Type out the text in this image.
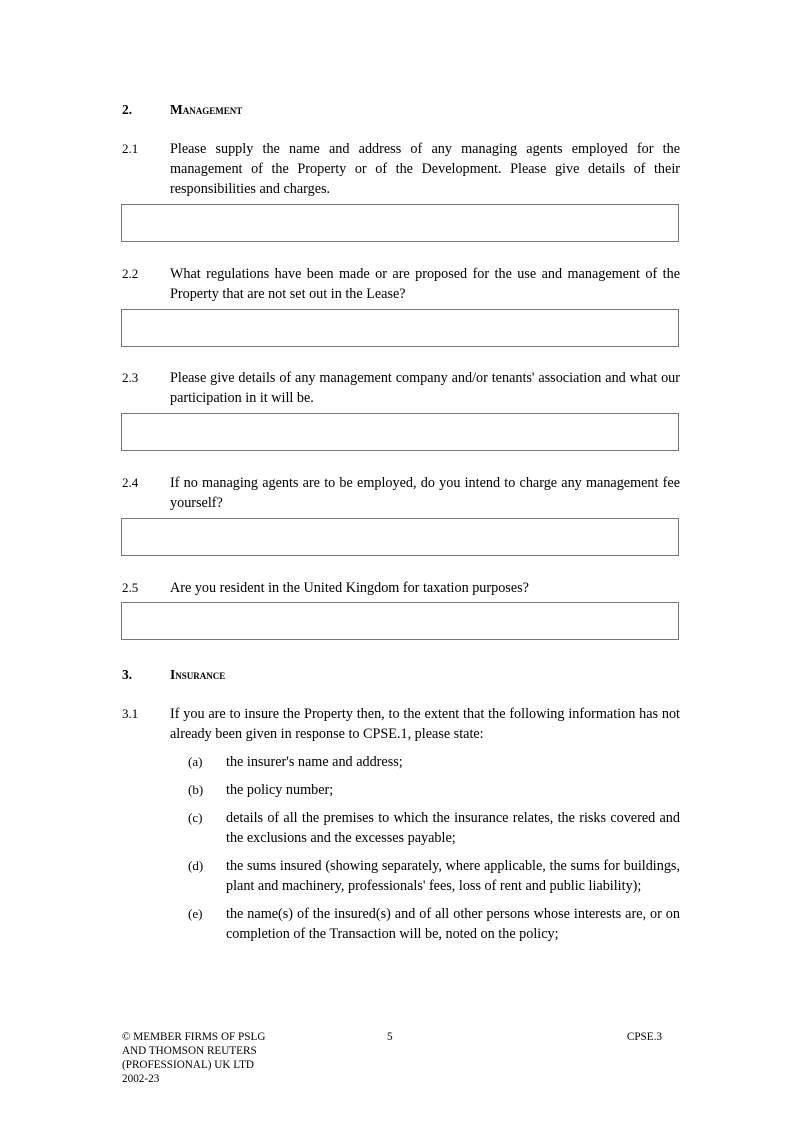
2.	Management
2.1 Please supply the name and address of any managing agents employed for the management of the Property or of the Development. Please give details of their responsibilities and charges.
2.2 What regulations have been made or are proposed for the use and management of the Property that are not set out in the Lease?
2.3 Please give details of any management company and/or tenants' association and what our participation in it will be.
2.4 If no managing agents are to be employed, do you intend to charge any management fee yourself?
2.5 Are you resident in the United Kingdom for taxation purposes?
3.	Insurance
3.1 If you are to insure the Property then, to the extent that the following information has not already been given in response to CPSE.1, please state:
(a) the insurer's name and address;
(b) the policy number;
(c) details of all the premises to which the insurance relates, the risks covered and the exclusions and the excesses payable;
(d) the sums insured (showing separately, where applicable, the sums for buildings, plant and machinery, professionals' fees, loss of rent and public liability);
(e) the name(s) of the insured(s) and of all other persons whose interests are, or on completion of the Transaction will be, noted on the policy;
© MEMBER FIRMS OF PSLG
AND THOMSON REUTERS
(PROFESSIONAL) UK LTD
2002-23
5	CPSE.3
